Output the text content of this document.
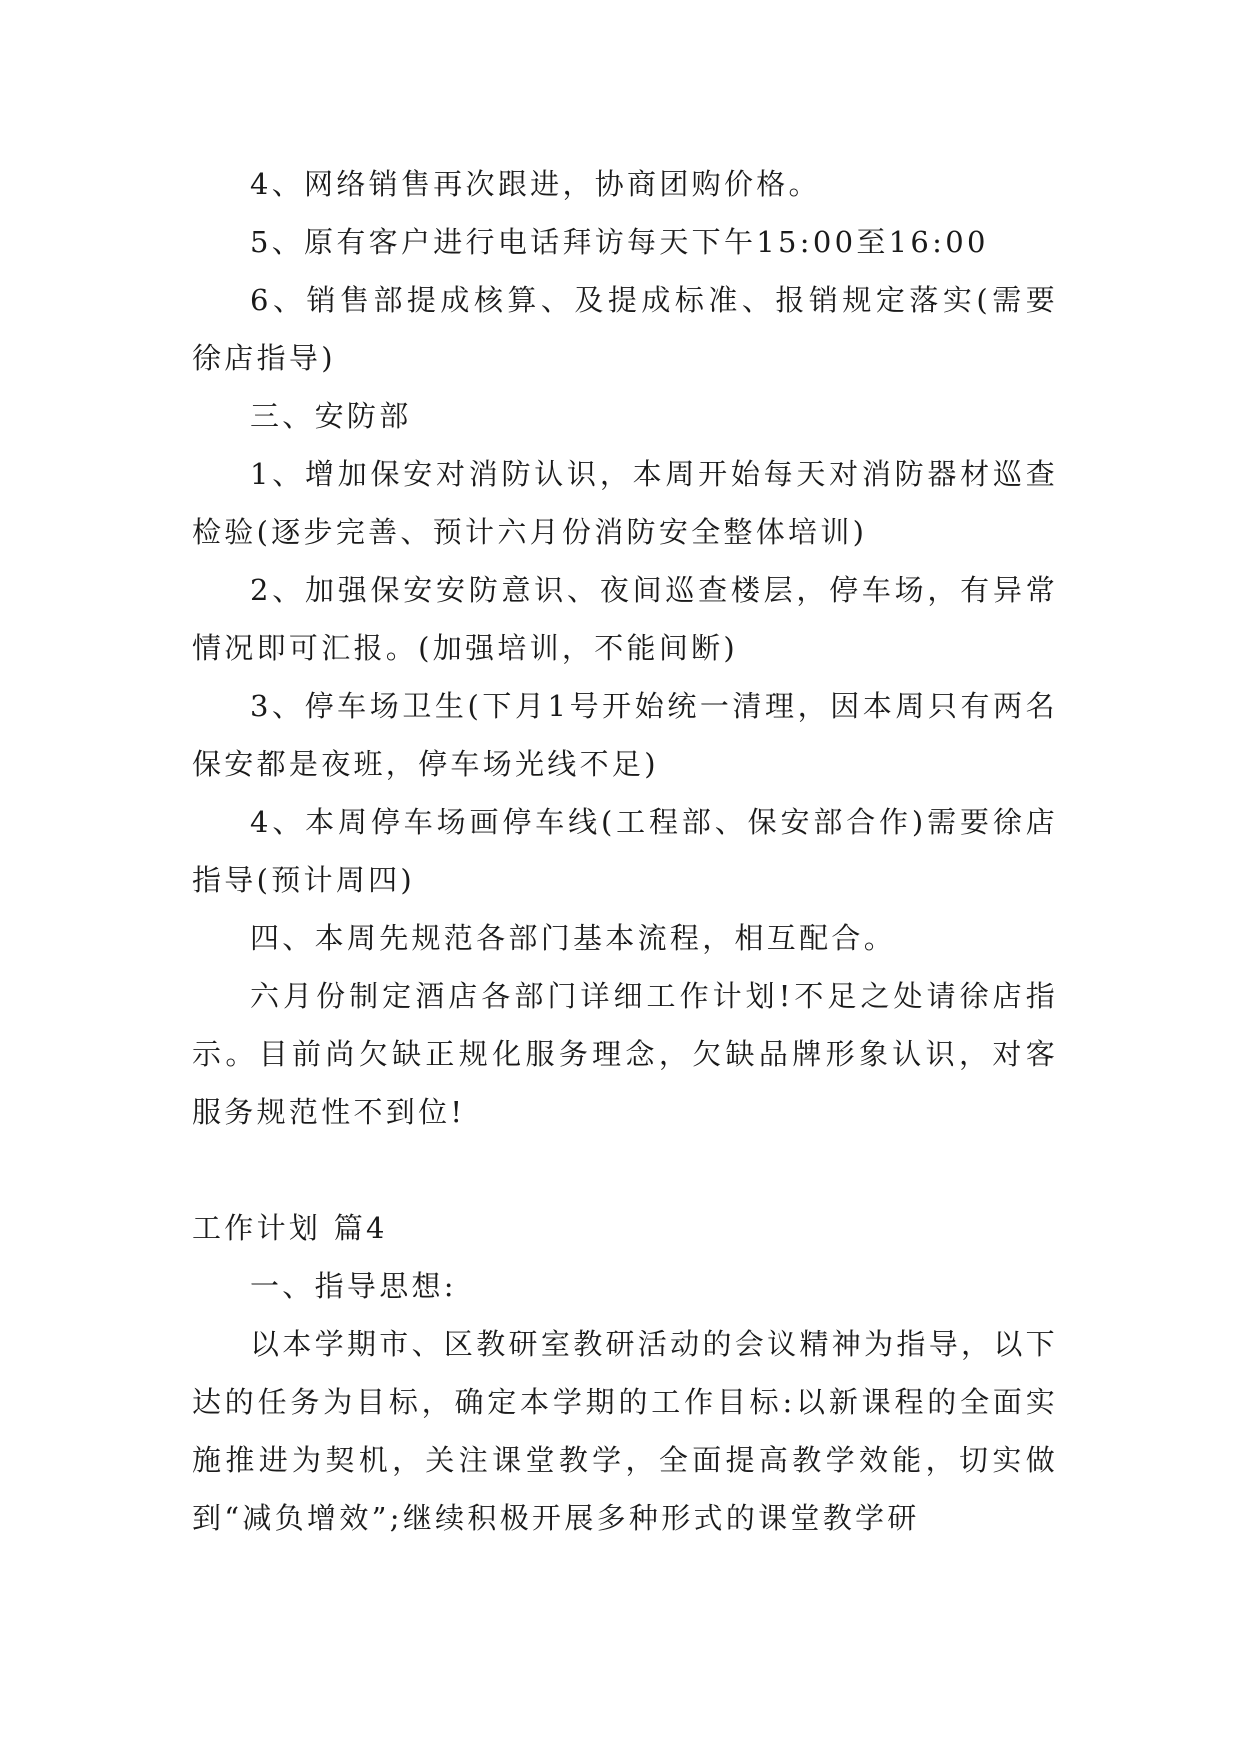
4、网络销售再次跟进，协商团购价格。

5、原有客户进行电话拜访每天下午15:00至16:00

6、销售部提成核算、及提成标准、报销规定落实(需要徐店指导)

三、安防部

1、增加保安对消防认识，本周开始每天对消防器材巡查检验(逐步完善、预计六月份消防安全整体培训)

2、加强保安安防意识、夜间巡查楼层，停车场，有异常情况即可汇报。(加强培训，不能间断)

3、停车场卫生(下月1号开始统一清理，因本周只有两名保安都是夜班，停车场光线不足)

4、本周停车场画停车线(工程部、保安部合作)需要徐店指导(预计周四)

四、本周先规范各部门基本流程，相互配合。

六月份制定酒店各部门详细工作计划!不足之处请徐店指示。目前尚欠缺正规化服务理念，欠缺品牌形象认识，对客服务规范性不到位!

工作计划 篇4

一、指导思想:

以本学期市、区教研室教研活动的会议精神为指导，以下达的任务为目标，确定本学期的工作目标:以新课程的全面实施推进为契机，关注课堂教学，全面提高教学效能，切实做到“减负增效”;继续积极开展多种形式的课堂教学研
